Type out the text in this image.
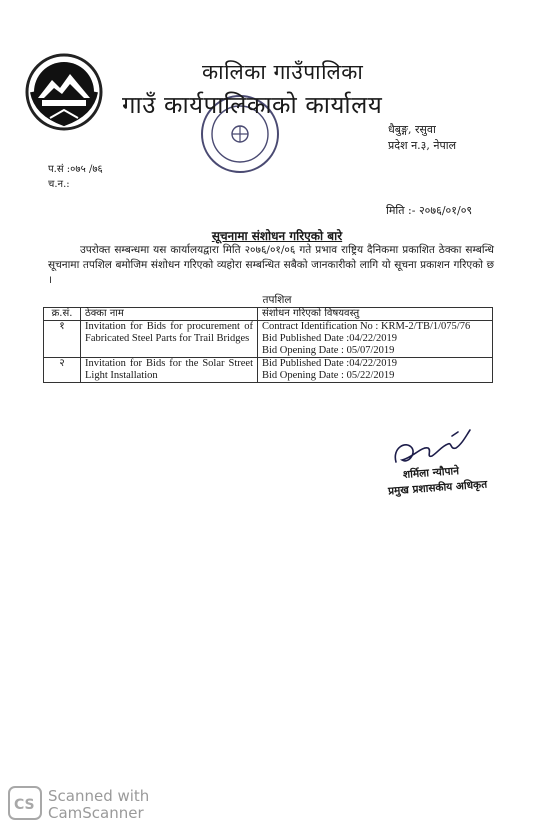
कालिका गाउँपालिका
गाउँ कार्यपालिकाको कार्यालय
धैबुङ्ग, रसुवा
प्रदेश न.३, नेपाल
प.सं :०७५ /७६
च.न.:
मिति :- २०७६/०१/०९
सूचनामा संशोधन गरिएको बारे
उपरोक्त सम्बन्धमा यस कार्यालयद्वारा मिति २०७६/०१/०६ गते प्रभाव राष्ट्रिय दैनिकमा प्रकाशित ठेक्का सम्बन्धि सूचनामा तपशिल बमोजिम संशोधन गरिएको व्यहोरा सम्बन्धित सबैको जानकारीको लागि यो सूचना प्रकाशन गरिएको छ ।
तपशिल
क्र.सं.	ठेक्का नाम	संशोधन गरिएको विषयवस्तु
१	Invitation for Bids for procurement of Fabricated Steel Parts for Trail Bridges	Contract Identification No : KRM-2/TB/1/075/76
Bid Published Date :04/22/2019
Bid Opening Date : 05/07/2019

२	Invitation for Bids for the Solar Street Light Installation	Bid Published Date :04/22/2019
Bid Opening Date : 05/22/2019
शर्मिला न्यौपाने
प्रमुख प्रशासकीय अधिकृत
CS Scanned with
CamScanner
